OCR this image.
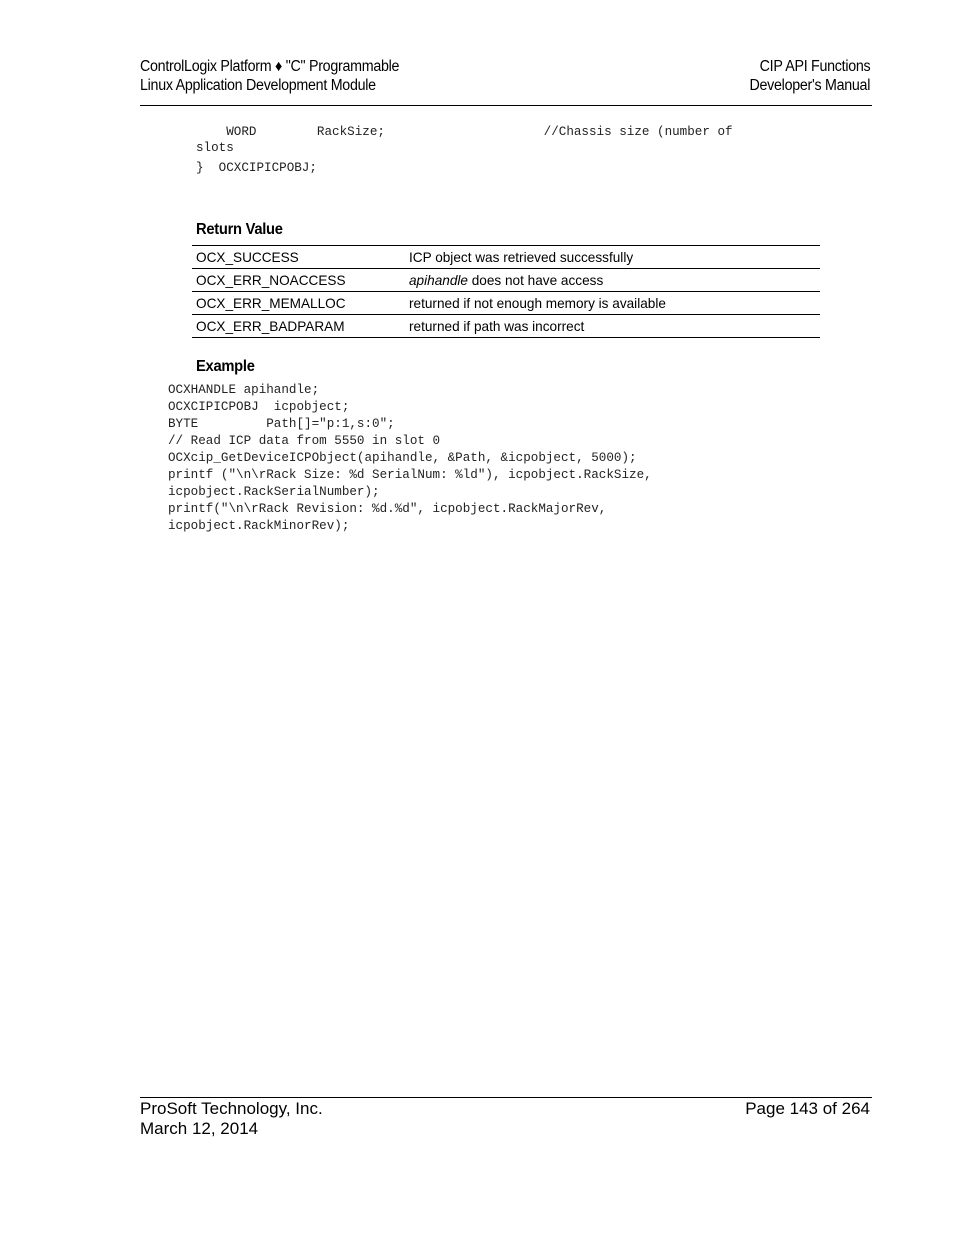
ControlLogix Platform ♦ "C" Programmable
Linux Application Development Module
CIP API Functions
Developer's Manual
WORD        RackSize;                     //Chassis size (number of
slots
}  OCXCIPICPOBJ;
Return Value
OCX_SUCCESS	ICP object was retrieved successfully
OCX_ERR_NOACCESS	apihandle does not have access
OCX_ERR_MEMALLOC	returned if not enough memory is available
OCX_ERR_BADPARAM	returned if path was incorrect
Example
OCXHANDLE apihandle;
OCXCIPICPOBJ  icpobject;
BYTE         Path[]="p:1,s:0";
// Read ICP data from 5550 in slot 0
OCXcip_GetDeviceICPObject(apihandle, &Path, &icpobject, 5000);
printf ("\n\rRack Size: %d SerialNum: %ld"), icpobject.RackSize,
icpobject.RackSerialNumber);
printf("\n\rRack Revision: %d.%d", icpobject.RackMajorRev,
icpobject.RackMinorRev);
ProSoft Technology, Inc.
March 12, 2014
Page 143 of 264
